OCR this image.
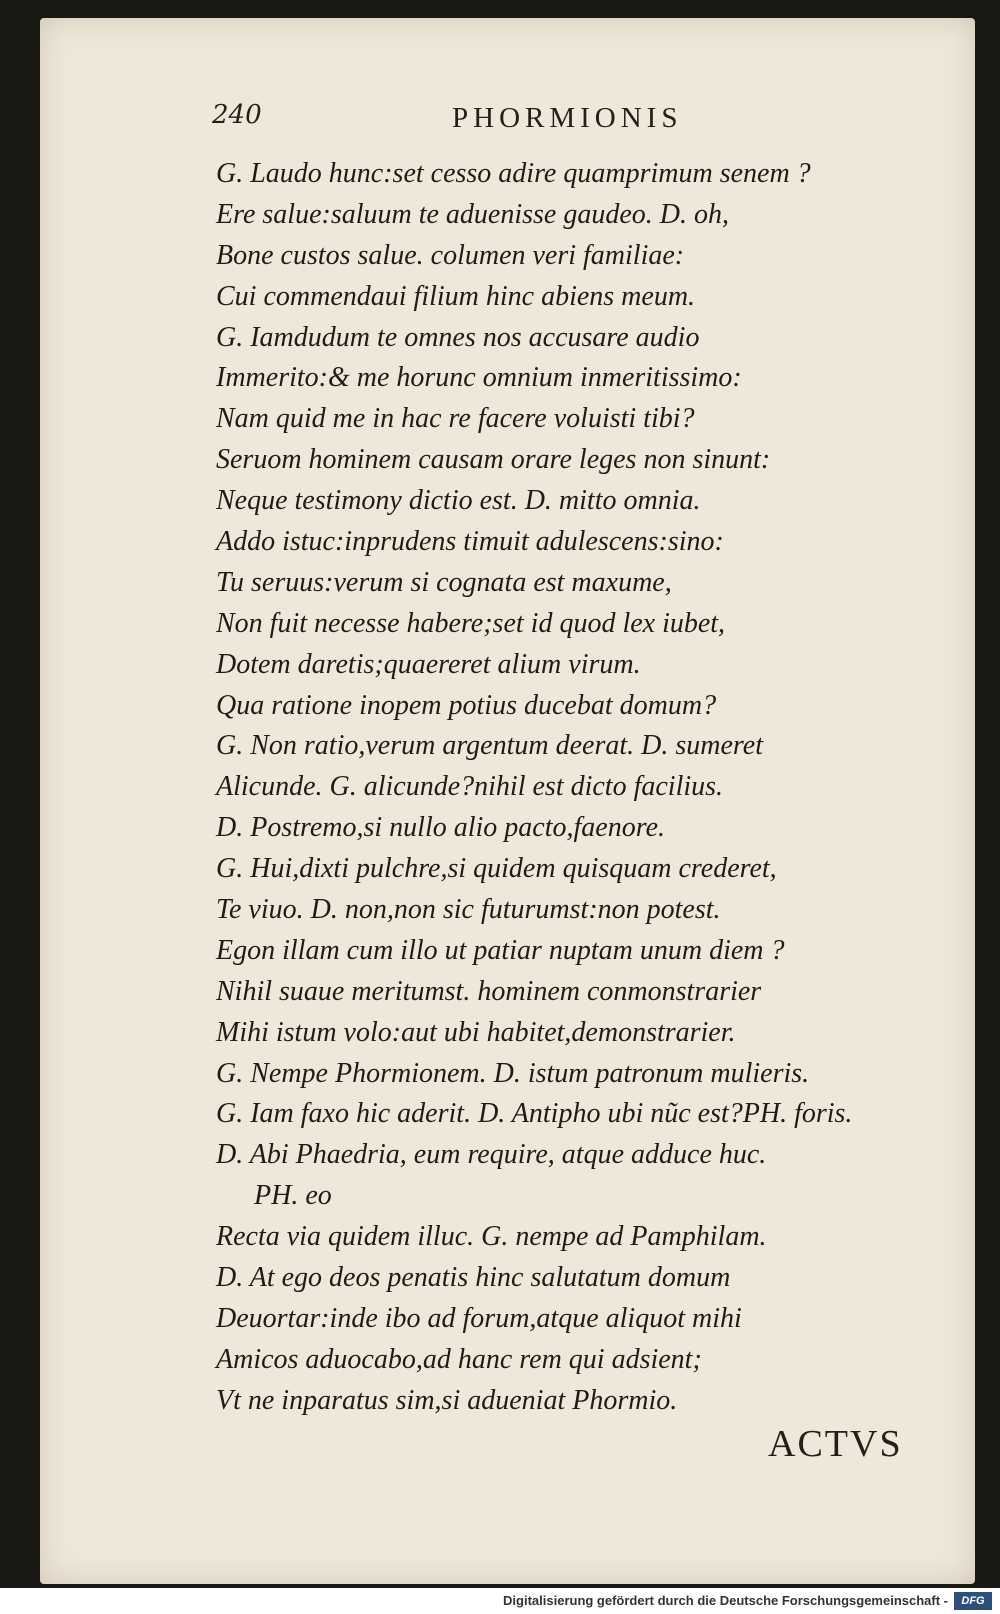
240	PHORMIONIS
G. Laudo hunc:set cesso adire quamprimum senem ?
Ere salue:saluum te aduenisse gaudeo. D. oh,
Bone custos salue. columen veri familiae:
Cui commendaui filium hinc abiens meum.
G. Iamdudum te omnes nos accusare audio
Immerito:& me horunc omnium inmeritissimo:
Nam quid me in hac re facere voluisti tibi?
Seruom hominem causam orare leges non sinunt:
Neque testimony dictio est. D. mitto omnia.
Addo istuc:inprudens timuit adulescens:sino:
Tu seruus:verum si cognata est maxume,
Non fuit necesse habere;set id quod lex iubet,
Dotem daretis;quaereret alium virum.
Qua ratione inopem potius ducebat domum?
G. Non ratio,verum argentum deerat. D. sumeret
Alicunde. G. alicunde?nihil est dicto facilius.
D. Postremo,si nullo alio pacto,faenore.
G. Hui,dixti pulchre,si quidem quisquam crederet,
Te viuo. D. non,non sic futurumst:non potest.
Egon illam cum illo ut patiar nuptam unum diem ?
Nihil suaue meritumst. hominem conmonstrarier
Mihi istum volo:aut ubi habitet,demonstrarier.
G. Nempe Phormionem. D. istum patronum mulieris.
G. Iam faxo hic aderit. D. Antipho ubi nũc est?PH. foris.
D. Abi Phaedria, eum require, atque adduce huc.
PH. eo
Recta via quidem illuc. G. nempe ad Pamphilam.
D. At ego deos penatis hinc salutatum domum
Deuortar:inde ibo ad forum,atque aliquot mihi
Amicos aduocabo,ad hanc rem qui adsient;
Vt ne inparatus sim,si adueniat Phormio.
ACTVS
Digitalisierung gefördert durch die Deutsche Forschungsgemeinschaft -	DFG
